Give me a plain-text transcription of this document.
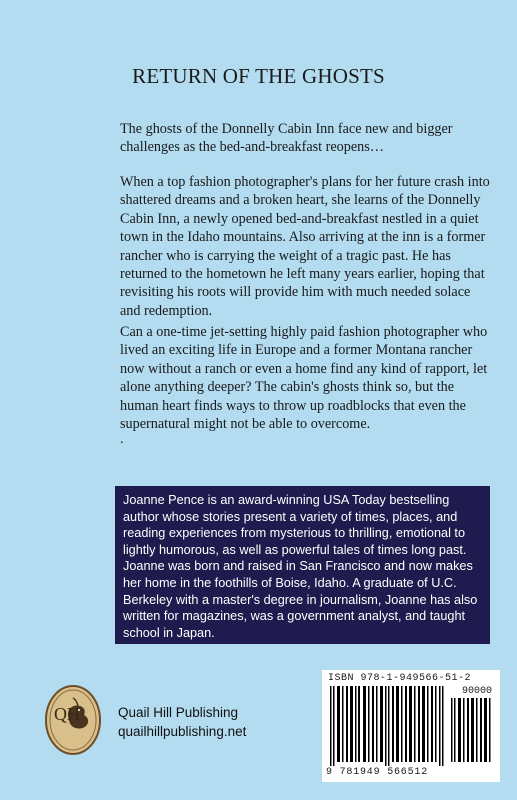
RETURN OF THE GHOSTS

The ghosts of the Donnelly Cabin Inn face new and bigger challenges as the bed-and-breakfast reopens…

When a top fashion photographer's plans for her future crash into shattered dreams and a broken heart, she learns of the Donnelly Cabin Inn, a newly opened bed-and-breakfast nestled in a quiet town in the Idaho mountains. Also arriving at the inn is a former rancher who is carrying the weight of a tragic past. He has returned to the hometown he left many years earlier, hoping that revisiting his roots will provide him with much needed solace and redemption.

Can a one-time jet-setting highly paid fashion photographer who lived an exciting life in Europe and a former Montana rancher now without a ranch or even a home find any kind of rapport, let alone anything deeper? The cabin's ghosts think so, but the human heart finds ways to throw up roadblocks that even the supernatural might not be able to overcome.

.

Joanne Pence is an award-winning USA Today bestselling author whose stories present a variety of times, places, and reading experiences from mysterious to thrilling, emotional to lightly humorous, as well as powerful tales of times long past. Joanne was born and raised in San Francisco and now makes her home in the foothills of Boise, Idaho. A graduate of U.C. Berkeley with a master's degree in journalism, Joanne has also written for magazines, was a government analyst, and taught school in Japan.

QH	Quail Hill Publishing
quailhillpublishing.net
ISBN 978-1-949566-51-2
90000
9 781949 566512
